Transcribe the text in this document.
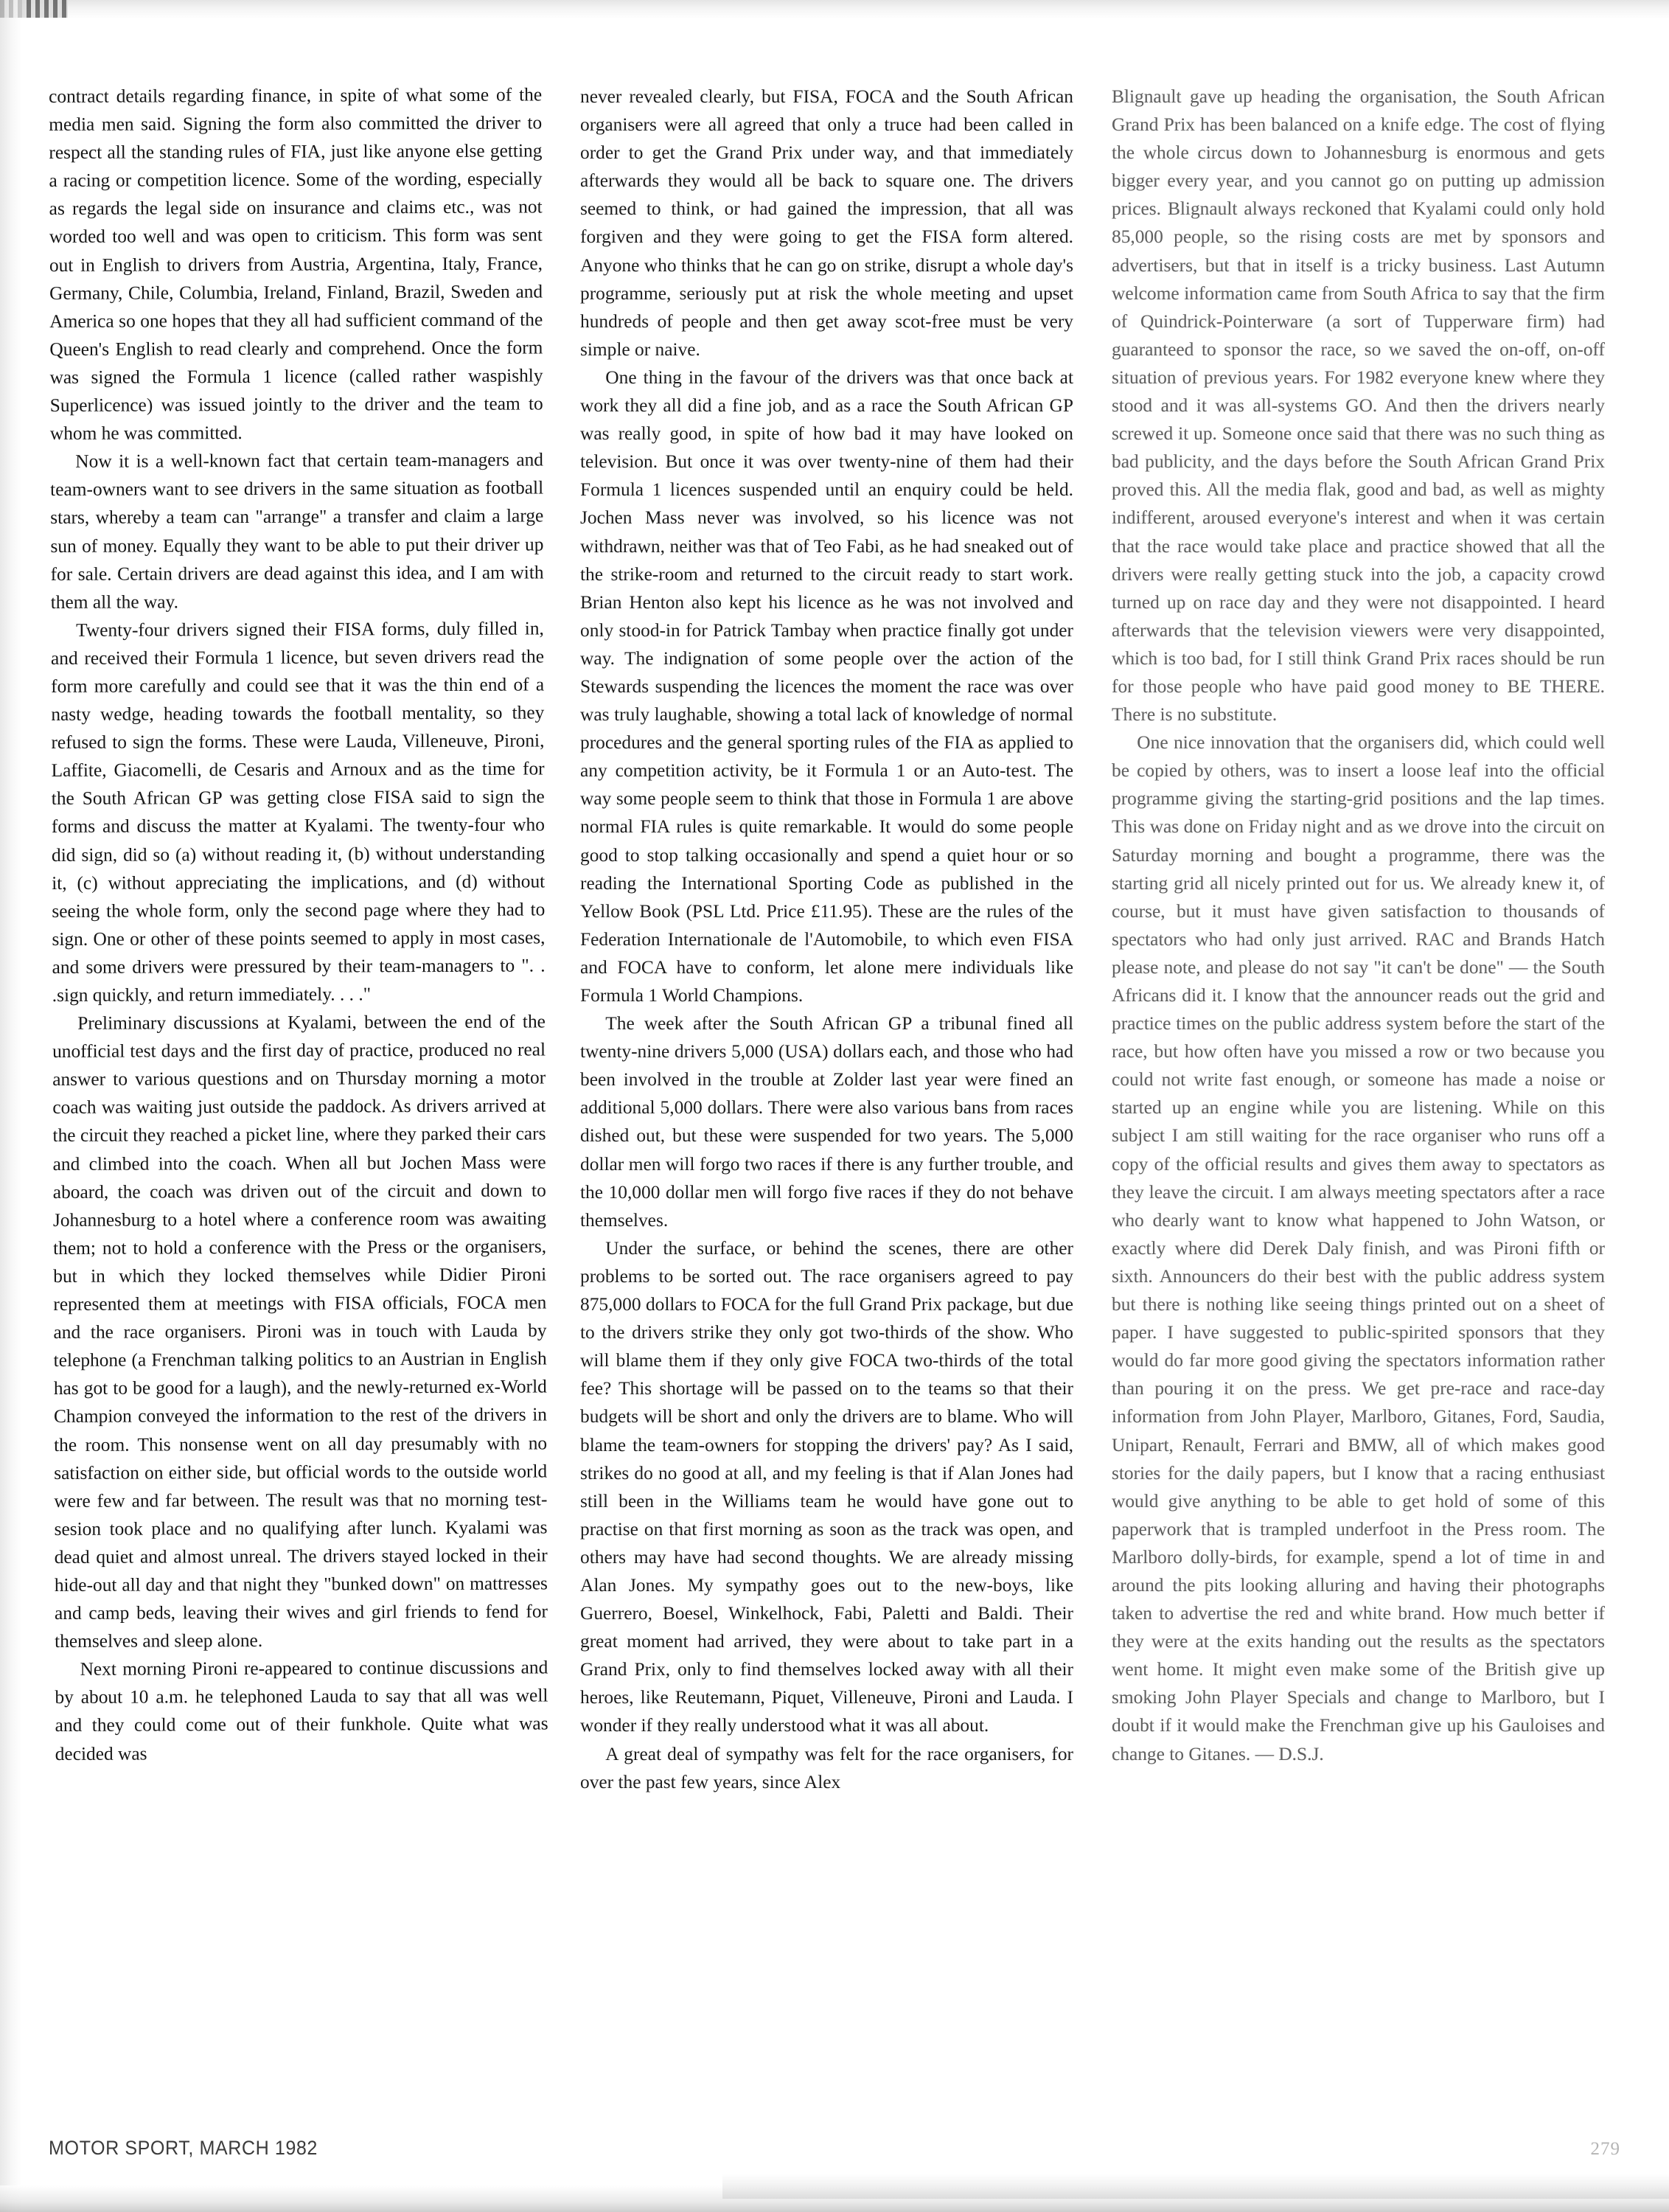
contract details regarding finance, in spite of what some of the media men said. Signing the form also committed the driver to respect all the standing rules of FIA, just like anyone else getting a racing or competition licence. Some of the wording, especially as regards the legal side on insurance and claims etc., was not worded too well and was open to criticism. This form was sent out in English to drivers from Austria, Argentina, Italy, France, Germany, Chile, Columbia, Ireland, Finland, Brazil, Sweden and America so one hopes that they all had sufficient command of the Queen's English to read clearly and comprehend. Once the form was signed the Formula 1 licence (called rather waspishly Superlicence) was issued jointly to the driver and the team to whom he was committed.

Now it is a well-known fact that certain team-managers and team-owners want to see drivers in the same situation as football stars, whereby a team can "arrange" a transfer and claim a large sun of money. Equally they want to be able to put their driver up for sale. Certain drivers are dead against this idea, and I am with them all the way.

Twenty-four drivers signed their FISA forms, duly filled in, and received their Formula 1 licence, but seven drivers read the form more carefully and could see that it was the thin end of a nasty wedge, heading towards the football mentality, so they refused to sign the forms. These were Lauda, Villeneuve, Pironi, Laffite, Giacomelli, de Cesaris and Arnoux and as the time for the South African GP was getting close FISA said to sign the forms and discuss the matter at Kyalami. The twenty-four who did sign, did so (a) without reading it, (b) without understanding it, (c) without appreciating the implications, and (d) without seeing the whole form, only the second page where they had to sign. One or other of these points seemed to apply in most cases, and some drivers were pressured by their team-managers to ". . .sign quickly, and return immediately. . . ."

Preliminary discussions at Kyalami, between the end of the unofficial test days and the first day of practice, produced no real answer to various questions and on Thursday morning a motor coach was waiting just outside the paddock. As drivers arrived at the circuit they reached a picket line, where they parked their cars and climbed into the coach. When all but Jochen Mass were aboard, the coach was driven out of the circuit and down to Johannesburg to a hotel where a conference room was awaiting them; not to hold a conference with the Press or the organisers, but in which they locked themselves while Didier Pironi represented them at meetings with FISA officials, FOCA men and the race organisers. Pironi was in touch with Lauda by telephone (a Frenchman talking politics to an Austrian in English has got to be good for a laugh), and the newly-returned ex-World Champion conveyed the information to the rest of the drivers in the room. This nonsense went on all day presumably with no satisfaction on either side, but official words to the outside world were few and far between. The result was that no morning test-sesion took place and no qualifying after lunch. Kyalami was dead quiet and almost unreal. The drivers stayed locked in their hide-out all day and that night they "bunked down" on mattresses and camp beds, leaving their wives and girl friends to fend for themselves and sleep alone.

Next morning Pironi re-appeared to continue discussions and by about 10 a.m. he telephoned Lauda to say that all was well and they could come out of their funkhole. Quite what was decided was

never revealed clearly, but FISA, FOCA and the South African organisers were all agreed that only a truce had been called in order to get the Grand Prix under way, and that immediately afterwards they would all be back to square one. The drivers seemed to think, or had gained the impression, that all was forgiven and they were going to get the FISA form altered. Anyone who thinks that he can go on strike, disrupt a whole day's programme, seriously put at risk the whole meeting and upset hundreds of people and then get away scot-free must be very simple or naive.

One thing in the favour of the drivers was that once back at work they all did a fine job, and as a race the South African GP was really good, in spite of how bad it may have looked on television. But once it was over twenty-nine of them had their Formula 1 licences suspended until an enquiry could be held. Jochen Mass never was involved, so his licence was not withdrawn, neither was that of Teo Fabi, as he had sneaked out of the strike-room and returned to the circuit ready to start work. Brian Henton also kept his licence as he was not involved and only stood-in for Patrick Tambay when practice finally got under way. The indignation of some people over the action of the Stewards suspending the licences the moment the race was over was truly laughable, showing a total lack of knowledge of normal procedures and the general sporting rules of the FIA as applied to any competition activity, be it Formula 1 or an Auto-test. The way some people seem to think that those in Formula 1 are above normal FIA rules is quite remarkable. It would do some people good to stop talking occasionally and spend a quiet hour or so reading the International Sporting Code as published in the Yellow Book (PSL Ltd. Price £11.95). These are the rules of the Federation Internationale de l'Automobile, to which even FISA and FOCA have to conform, let alone mere individuals like Formula 1 World Champions.

The week after the South African GP a tribunal fined all twenty-nine drivers 5,000 (USA) dollars each, and those who had been involved in the trouble at Zolder last year were fined an additional 5,000 dollars. There were also various bans from races dished out, but these were suspended for two years. The 5,000 dollar men will forgo two races if there is any further trouble, and the 10,000 dollar men will forgo five races if they do not behave themselves.

Under the surface, or behind the scenes, there are other problems to be sorted out. The race organisers agreed to pay 875,000 dollars to FOCA for the full Grand Prix package, but due to the drivers strike they only got two-thirds of the show. Who will blame them if they only give FOCA two-thirds of the total fee? This shortage will be passed on to the teams so that their budgets will be short and only the drivers are to blame. Who will blame the team-owners for stopping the drivers' pay? As I said, strikes do no good at all, and my feeling is that if Alan Jones had still been in the Williams team he would have gone out to practise on that first morning as soon as the track was open, and others may have had second thoughts. We are already missing Alan Jones. My sympathy goes out to the new-boys, like Guerrero, Boesel, Winkelhock, Fabi, Paletti and Baldi. Their great moment had arrived, they were about to take part in a Grand Prix, only to find themselves locked away with all their heroes, like Reutemann, Piquet, Villeneuve, Pironi and Lauda. I wonder if they really understood what it was all about.

A great deal of sympathy was felt for the race organisers, for over the past few years, since Alex

Blignault gave up heading the organisation, the South African Grand Prix has been balanced on a knife edge. The cost of flying the whole circus down to Johannesburg is enormous and gets bigger every year, and you cannot go on putting up admission prices. Blignault always reckoned that Kyalami could only hold 85,000 people, so the rising costs are met by sponsors and advertisers, but that in itself is a tricky business. Last Autumn welcome information came from South Africa to say that the firm of Quindrick-Pointerware (a sort of Tupperware firm) had guaranteed to sponsor the race, so we saved the on-off, on-off situation of previous years. For 1982 everyone knew where they stood and it was all-systems GO. And then the drivers nearly screwed it up. Someone once said that there was no such thing as bad publicity, and the days before the South African Grand Prix proved this. All the media flak, good and bad, as well as mighty indifferent, aroused everyone's interest and when it was certain that the race would take place and practice showed that all the drivers were really getting stuck into the job, a capacity crowd turned up on race day and they were not disappointed. I heard afterwards that the television viewers were very disappointed, which is too bad, for I still think Grand Prix races should be run for those people who have paid good money to BE THERE. There is no substitute.

One nice innovation that the organisers did, which could well be copied by others, was to insert a loose leaf into the official programme giving the starting-grid positions and the lap times. This was done on Friday night and as we drove into the circuit on Saturday morning and bought a programme, there was the starting grid all nicely printed out for us. We already knew it, of course, but it must have given satisfaction to thousands of spectators who had only just arrived. RAC and Brands Hatch please note, and please do not say "it can't be done" — the South Africans did it. I know that the announcer reads out the grid and practice times on the public address system before the start of the race, but how often have you missed a row or two because you could not write fast enough, or someone has made a noise or started up an engine while you are listening. While on this subject I am still waiting for the race organiser who runs off a copy of the official results and gives them away to spectators as they leave the circuit. I am always meeting spectators after a race who dearly want to know what happened to John Watson, or exactly where did Derek Daly finish, and was Pironi fifth or sixth. Announcers do their best with the public address system but there is nothing like seeing things printed out on a sheet of paper. I have suggested to public-spirited sponsors that they would do far more good giving the spectators information rather than pouring it on the press. We get pre-race and race-day information from John Player, Marlboro, Gitanes, Ford, Saudia, Unipart, Renault, Ferrari and BMW, all of which makes good stories for the daily papers, but I know that a racing enthusiast would give anything to be able to get hold of some of this paperwork that is trampled underfoot in the Press room. The Marlboro dolly-birds, for example, spend a lot of time in and around the pits looking alluring and having their photographs taken to advertise the red and white brand. How much better if they were at the exits handing out the results as the spectators went home. It might even make some of the British give up smoking John Player Specials and change to Marlboro, but I doubt if it would make the Frenchman give up his Gauloises and change to Gitanes. — D.S.J.

MOTOR SPORT, MARCH 1982	279
